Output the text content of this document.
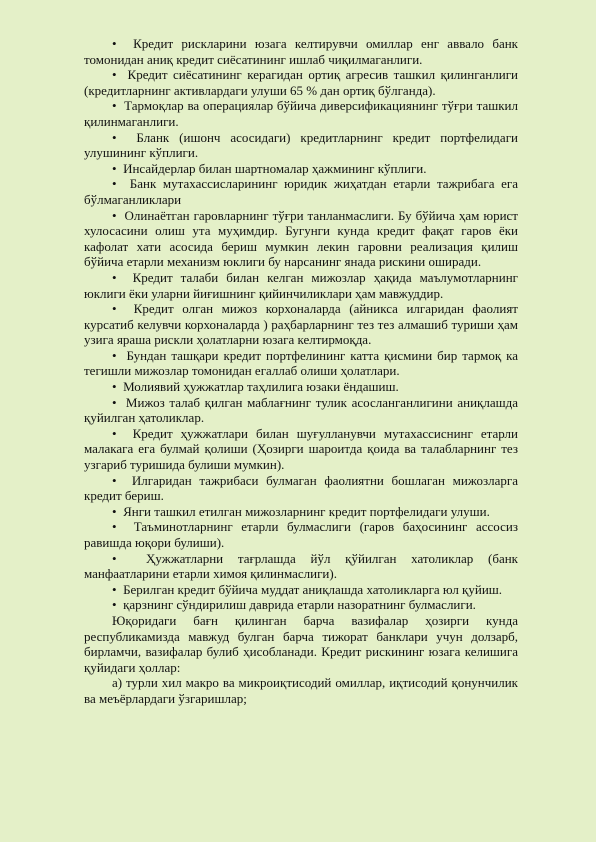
•  Кредит рискларини юзага келтирувчи омиллар енг аввало банк томонидан аниқ кредит сиёсатининг ишлаб чиқилмаганлиги.

•  Кредит сиёсатининг керагидан ортиқ агресив ташкил қилинганлиги (кредитларнинг активлардаги улуши 65 % дан ортиқ бўлганда).

•  Тармоқлар ва операциялар бўйича диверсификациянинг тўғри ташкил қилинмаганлиги.

•  Бланк (ишонч асосидаги) кредитларнинг кредит портфелидаги улушининг кўплиги.

•  Инсайдерлар билан шартномалар ҳажмининг кўплиги.

•  Банк мутахассисларининг юридик жиҳатдан етарли тажрибага ега бўлмаганликлари

•  Олинаётган гаровларнинг тўғри танланмаслиги. Бу бўйича ҳам юрист хулосасини олиш ута муҳимдир. Бугунги кунда кредит фақат гаров ёки кафолат хати асосида бериш мумкин лекин гаровни реализация қилиш бўйича етарли механизм юклиги бу нарсанинг янада рискини оширади.

•  Кредит талаби билан келган мижозлар ҳақида маълумотларнинг юклиги ёки уларни йиғишнинг қийинчиликлари ҳам мавжуддир.

•  Кредит олган мижоз корхоналарда (айникса илгаридан фаолият курсатиб келувчи корхоналарда ) раҳбарларнинг тез тез алмашиб туриши ҳам узига яраша рискли ҳолатларни юзага келтирмоқда.

•  Бундан ташқари кредит портфелининг катта қисмини бир тармоқ ка тегишли мижозлар томонидан егаллаб олиши ҳолатлари.

•  Молиявий ҳужжатлар таҳлилига юзаки ёндашиш.

•  Мижоз талаб қилган маблағнинг тулик асосланганлигини аниқлашда қуйилган ҳатоликлар.

•  Кредит ҳужжатлари билан шуғулланувчи мутахассиснинг етарли малакага ега булмай қолиши (Ҳозирги шароитда қоида ва талабларнинг тез узгариб туришида булиши мумкин).

•  Илгаридан тажрибаси булмаган фаолиятни бошлаган мижозларга кредит бериш.

•  Янги ташкил етилган мижозларнинг кредит портфелидаги улуши.

•  Таъминотларнинг етарли булмаслиги (гаров баҳосининг ассосиз равишда юқори булиши).

•  Ҳужжатларни тағрлашда йўл қўйилган хатоликлар (банк манфаатларини етарли химоя қилинмаслиги).

•  Берилган кредит бўйича муддат аниқлашда хатоликларга юл қуйиш.

•  қарзнинг сўндирилиш даврида етарли назоратнинг булмаслиги.

Юқоридаги бағн қилинган барча вазифалар ҳозирги кунда республикамизда мавжуд булган барча тижорат банклари учун долзарб, бирламчи, вазифалар булиб ҳисобланади. Кредит рискининг юзага келишига қуйидаги ҳоллар:

а) турли хил макро ва микроиқтисодий омиллар, иқтисодий қонунчилик ва меъёрлардаги ўзгаришлар;
